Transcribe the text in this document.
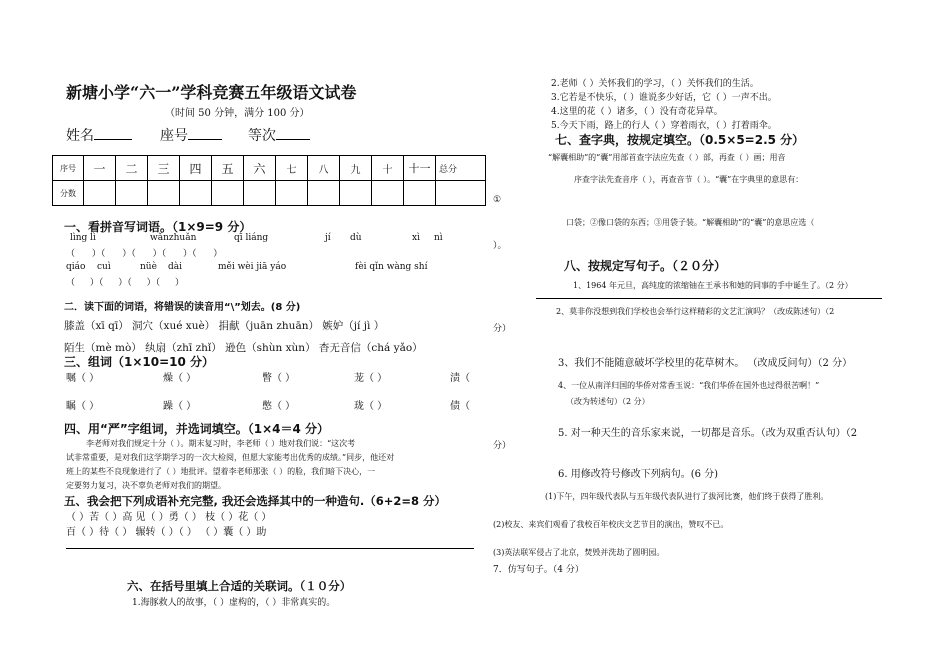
新塘小学“六一”学科竞赛五年级语文试卷
（时间 50 分钟，满分 100 分）
姓名	座号	等次
序号	一	二	三	四	五	六	七	八	九	十	十一	总分
分数												
一、看拼音写词语。（1×9=9 分）
lìng lì	wǎnzhuǎn	qī liáng	jí dù	xì nì
（ ）（ ）（ ）（ ）（ ）
qiáo cuì	nüè dài	měi wèi jiā yáo	fèi qǐn wàng shí
（ ）（ ）（ ）（ ）
二．读下面的词语，将错误的读音用“\”划去。(8 分)
膝盖（xī qī） 洞穴（xué xuè） 捐献（juān zhuān） 嫉妒（jí jì ）
陌生（mè mò） 纨扇（zhī zhǐ） 逊色（shùn xùn） 杳无音信（chá yǎo）
三、组词（1×10=10 分）
嘱（ ）	燥（ ）	瞥（ ）	茏（ ）	渍（
瞩（ ）	躁（ ）	憋（ ）	珑（ ）	债（
四、用“严”字组词，并选词填空。（1×4＝4 分）
李老师对我们规定十分（ ）。期末复习时，李老师（ ）地对我们说：“这次考
试非常重要，是对我们这学期学习的一次大检阅，但愿大家能考出优秀的成绩。”同步，他还对
班上的某些不良现象进行了（ ）地批评。望着李老师那张（ ）的脸，我们暗下决心，一
定要努力复习，决不辜负老师对我们的期望。
五、我会把下列成语补充完整, 我还会选择其中的一种造句.（6+2=8 分）
（ ）苦（ ）高 见（ ）勇（ ） 枝（ ）花（ ）
百（ ）待（ ） 辗转（ ）（ ） （ ）囊（ ）助
六、在括号里填上合适的关联词。（１０分）
1.海豚救人的故事，（ ）虚构的，（ ）非常真实的。
2.老师（ ）关怀我们的学习，（ ）关怀我们的生活。
3.它若是不快乐，（ ）谁说多少好话，它（ ）一声不出。
4.这里的花（ ）诸多，（ ）没有奇花异草。
5.今天下雨，路上的行人（ ）穿着雨衣，（ ）打着雨伞。
七、查字典，按规定填空。（0.5×5=2.5 分）
“解囊相助”的“囊”用部首查字法应先查（ ）部，再查（ ）画；用音
序查字法先查音序（ ），再查音节（ ）。“囊”在字典里的意思有：
①
口袋；②像口袋的东西；③用袋子装。“解囊相助”的“囊”的意思应选（
）。
八、按规定写句子。（２０分）
1、1964 年元旦，高纯度的浓缩铀在王承书和她的同事的手中诞生了。（2 分）
2、莫非你没想到我们学校也会举行这样精彩的文艺汇演吗？（改成陈述句）（2
分）
3、我们不能随意破坏学校里的花草树木。 （改成反问句）（2 分）
4、一位从南洋归国的华侨对常香玉说：“我们华侨在国外也过得很苦啊！”
（改为转述句）（2 分）
5. 对一种天生的音乐家来说，一切都是音乐。（改为双重否认句）（2
分）
6. 用修改符号修改下列病句。(6 分)
(1)下午，四年级代表队与五年级代表队进行了拔河比赛，他们终于获得了胜利。
(2)校友、来宾们观看了我校百年校庆文艺节目的演出，赞叹不已。
(3)英法联军侵占了北京，焚毁并洗劫了圆明园。
7．仿写句子。（4 分）
